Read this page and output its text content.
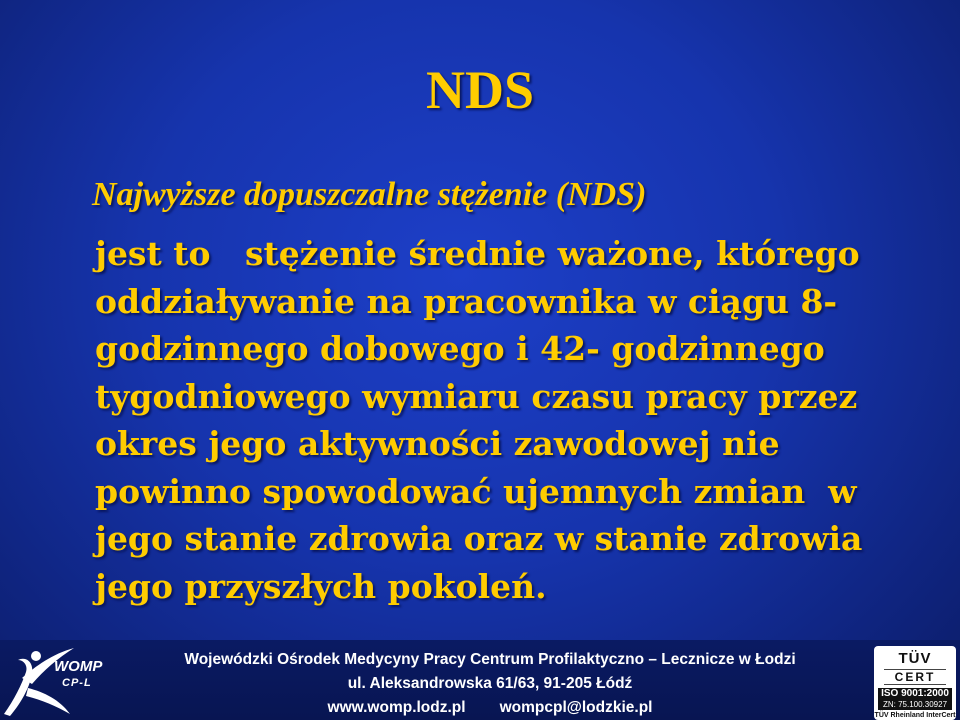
NDS
Najwyższe dopuszczalne stężenie (NDS)
jest to   stężenie średnie ważone, którego
oddziaływanie na pracownika w ciągu 8-
godzinnego dobowego i 42- godzinnego
tygodniowego wymiaru czasu pracy przez
okres jego aktywności zawodowej nie
powinno spowodować ujemnych zmian  w
jego stanie zdrowia oraz w stanie zdrowia
jego przyszłych pokoleń.
WOMP
CP-L
Wojewódzki Ośrodek Medycyny Pracy Centrum Profilaktyczno – Lecznicze w Łodzi
ul. Aleksandrowska 61/63, 91-205 Łódź
www.womp.lodz.pl wompcpl@lodzkie.pl
TÜV
CERT
ISO 9001:2000
ZN: 75.100.30927
TÜV Rheinland InterCert
